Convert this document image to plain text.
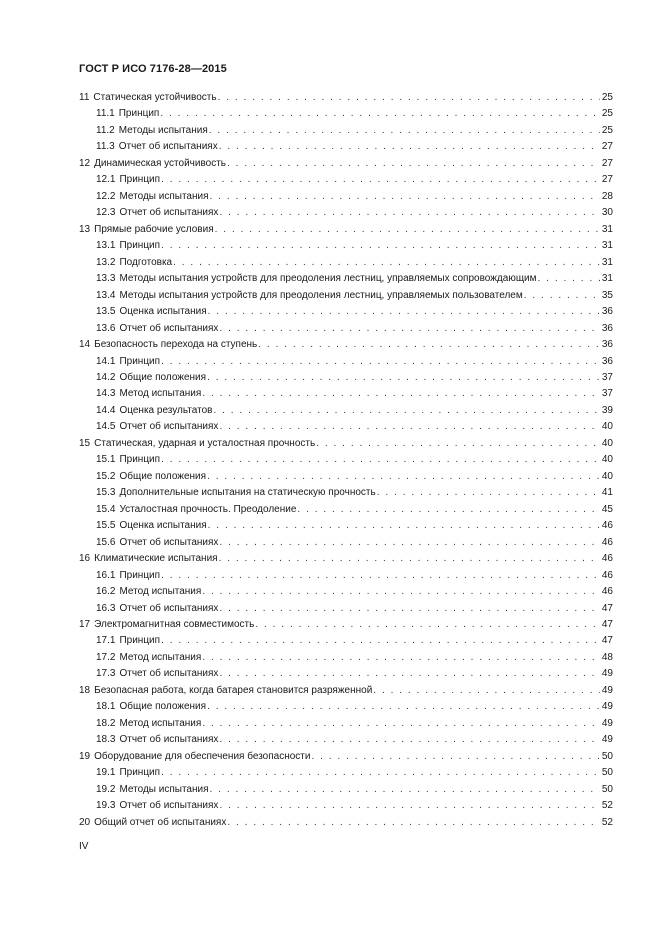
ГОСТ Р ИСО 7176-28—2015
11 Статическая устойчивость . . .	25
11.1 Принцип . . .	25
11.2 Методы испытания . . .	25
11.3 Отчет об испытаниях . . .	27
12 Динамическая устойчивость . . .	27
12.1 Принцип . . .	27
12.2 Методы испытания . . .	28
12.3 Отчет об испытаниях . . .	30
13 Прямые рабочие условия . . .	31
13.1 Принцип . . .	31
13.2 Подготовка . . .	31
13.3 Методы испытания устройств для преодоления лестниц, управляемых сопровождающим . . .	31
13.4 Методы испытания устройств для преодоления лестниц, управляемых пользователем . . .	35
13.5 Оценка испытания . . .	36
13.6 Отчет об испытаниях . . .	36
14 Безопасность перехода на ступень . . .	36
14.1 Принцип . . .	36
14.2 Общие положения . . .	37
14.3 Метод испытания . . .	37
14.4 Оценка результатов . . .	39
14.5 Отчет об испытаниях . . .	40
15 Статическая, ударная и усталостная прочность . . .	40
15.1 Принцип . . .	40
15.2 Общие положения . . .	40
15.3 Дополнительные испытания на статическую прочность . . .	41
15.4 Усталостная прочность. Преодоление . . .	45
15.5 Оценка испытания . . .	46
15.6 Отчет об испытаниях . . .	46
16 Климатические испытания . . .	46
16.1 Принцип . . .	46
16.2 Метод испытания . . .	46
16.3 Отчет об испытаниях . . .	47
17 Электромагнитная совместимость . . .	47
17.1 Принцип . . .	47
17.2 Метод испытания . . .	48
17.3 Отчет об испытаниях . . .	49
18 Безопасная работа, когда батарея становится разряженной . . .	49
18.1 Общие положения . . .	49
18.2 Метод испытания . . .	49
18.3 Отчет об испытаниях . . .	49
19 Оборудование для обеспечения безопасности . . .	50
19.1 Принцип . . .	50
19.2 Методы испытания . . .	50
19.3 Отчет об испытаниях . . .	52
20 Общий отчет об испытаниях . . .	52
IV
